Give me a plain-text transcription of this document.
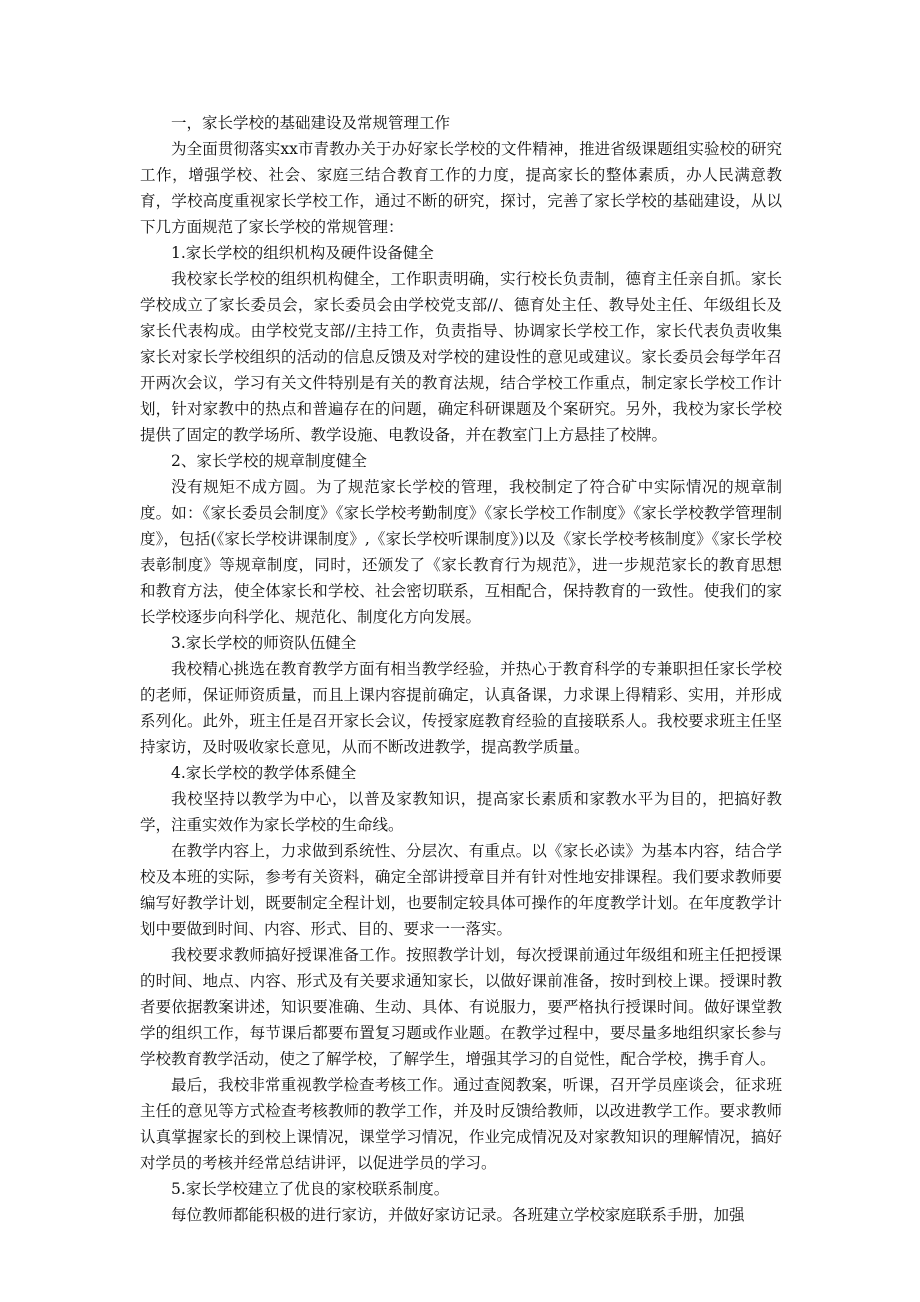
一，家长学校的基础建设及常规管理工作

为全面贯彻落实xx市青教办关于办好家长学校的文件精神，推进省级课题组实验校的研究工作，增强学校、社会、家庭三结合教育工作的力度，提高家长的整体素质，办人民满意教育，学校高度重视家长学校工作，通过不断的研究，探讨，完善了家长学校的基础建设，从以下几方面规范了家长学校的常规管理：

1.家长学校的组织机构及硬件设备健全

我校家长学校的组织机构健全，工作职责明确，实行校长负责制，德育主任亲自抓。家长学校成立了家长委员会，家长委员会由学校党支部//、德育处主任、教导处主任、年级组长及家长代表构成。由学校党支部//主持工作，负责指导、协调家长学校工作，家长代表负责收集家长对家长学校组织的活动的信息反馈及对学校的建设性的意见或建议。家长委员会每学年召开两次会议，学习有关文件特别是有关的教育法规，结合学校工作重点，制定家长学校工作计划，针对家教中的热点和普遍存在的问题，确定科研课题及个案研究。另外，我校为家长学校提供了固定的教学场所、教学设施、电教设备，并在教室门上方悬挂了校牌。

2、家长学校的规章制度健全

没有规矩不成方圆。为了规范家长学校的管理，我校制定了符合矿中实际情况的规章制度。如：《家长委员会制度》《家长学校考勤制度》《家长学校工作制度》《家长学校教学管理制度》，包括(《家长学校讲课制度》,《家长学校听课制度》)以及《家长学校考核制度》《家长学校表彰制度》等规章制度，同时，还颁发了《家长教育行为规范》，进一步规范家长的教育思想和教育方法，使全体家长和学校、社会密切联系，互相配合，保持教育的一致性。使我们的家长学校逐步向科学化、规范化、制度化方向发展。

3.家长学校的师资队伍健全

我校精心挑选在教育教学方面有相当教学经验，并热心于教育科学的专兼职担任家长学校的老师，保证师资质量，而且上课内容提前确定，认真备课，力求课上得精彩、实用，并形成系列化。此外，班主任是召开家长会议，传授家庭教育经验的直接联系人。我校要求班主任坚持家访，及时吸收家长意见，从而不断改进教学，提高教学质量。

4.家长学校的教学体系健全

我校坚持以教学为中心，以普及家教知识，提高家长素质和家教水平为目的，把搞好教学，注重实效作为家长学校的生命线。

在教学内容上，力求做到系统性、分层次、有重点。以《家长必读》为基本内容，结合学校及本班的实际，参考有关资料，确定全部讲授章目并有针对性地安排课程。我们要求教师要编写好教学计划，既要制定全程计划，也要制定较具体可操作的年度教学计划。在年度教学计划中要做到时间、内容、形式、目的、要求一一落实。

我校要求教师搞好授课准备工作。按照教学计划，每次授课前通过年级组和班主任把授课的时间、地点、内容、形式及有关要求通知家长，以做好课前准备，按时到校上课。授课时教者要依据教案讲述，知识要准确、生动、具体、有说服力，要严格执行授课时间。做好课堂教学的组织工作，每节课后都要布置复习题或作业题。在教学过程中，要尽量多地组织家长参与学校教育教学活动，使之了解学校，了解学生，增强其学习的自觉性，配合学校，携手育人。

最后，我校非常重视教学检查考核工作。通过查阅教案，听课，召开学员座谈会，征求班主任的意见等方式检查考核教师的教学工作，并及时反馈给教师，以改进教学工作。要求教师认真掌握家长的到校上课情况，课堂学习情况，作业完成情况及对家教知识的理解情况，搞好对学员的考核并经常总结讲评，以促进学员的学习。

5.家长学校建立了优良的家校联系制度。

每位教师都能积极的进行家访，并做好家访记录。各班建立学校家庭联系手册，加强
